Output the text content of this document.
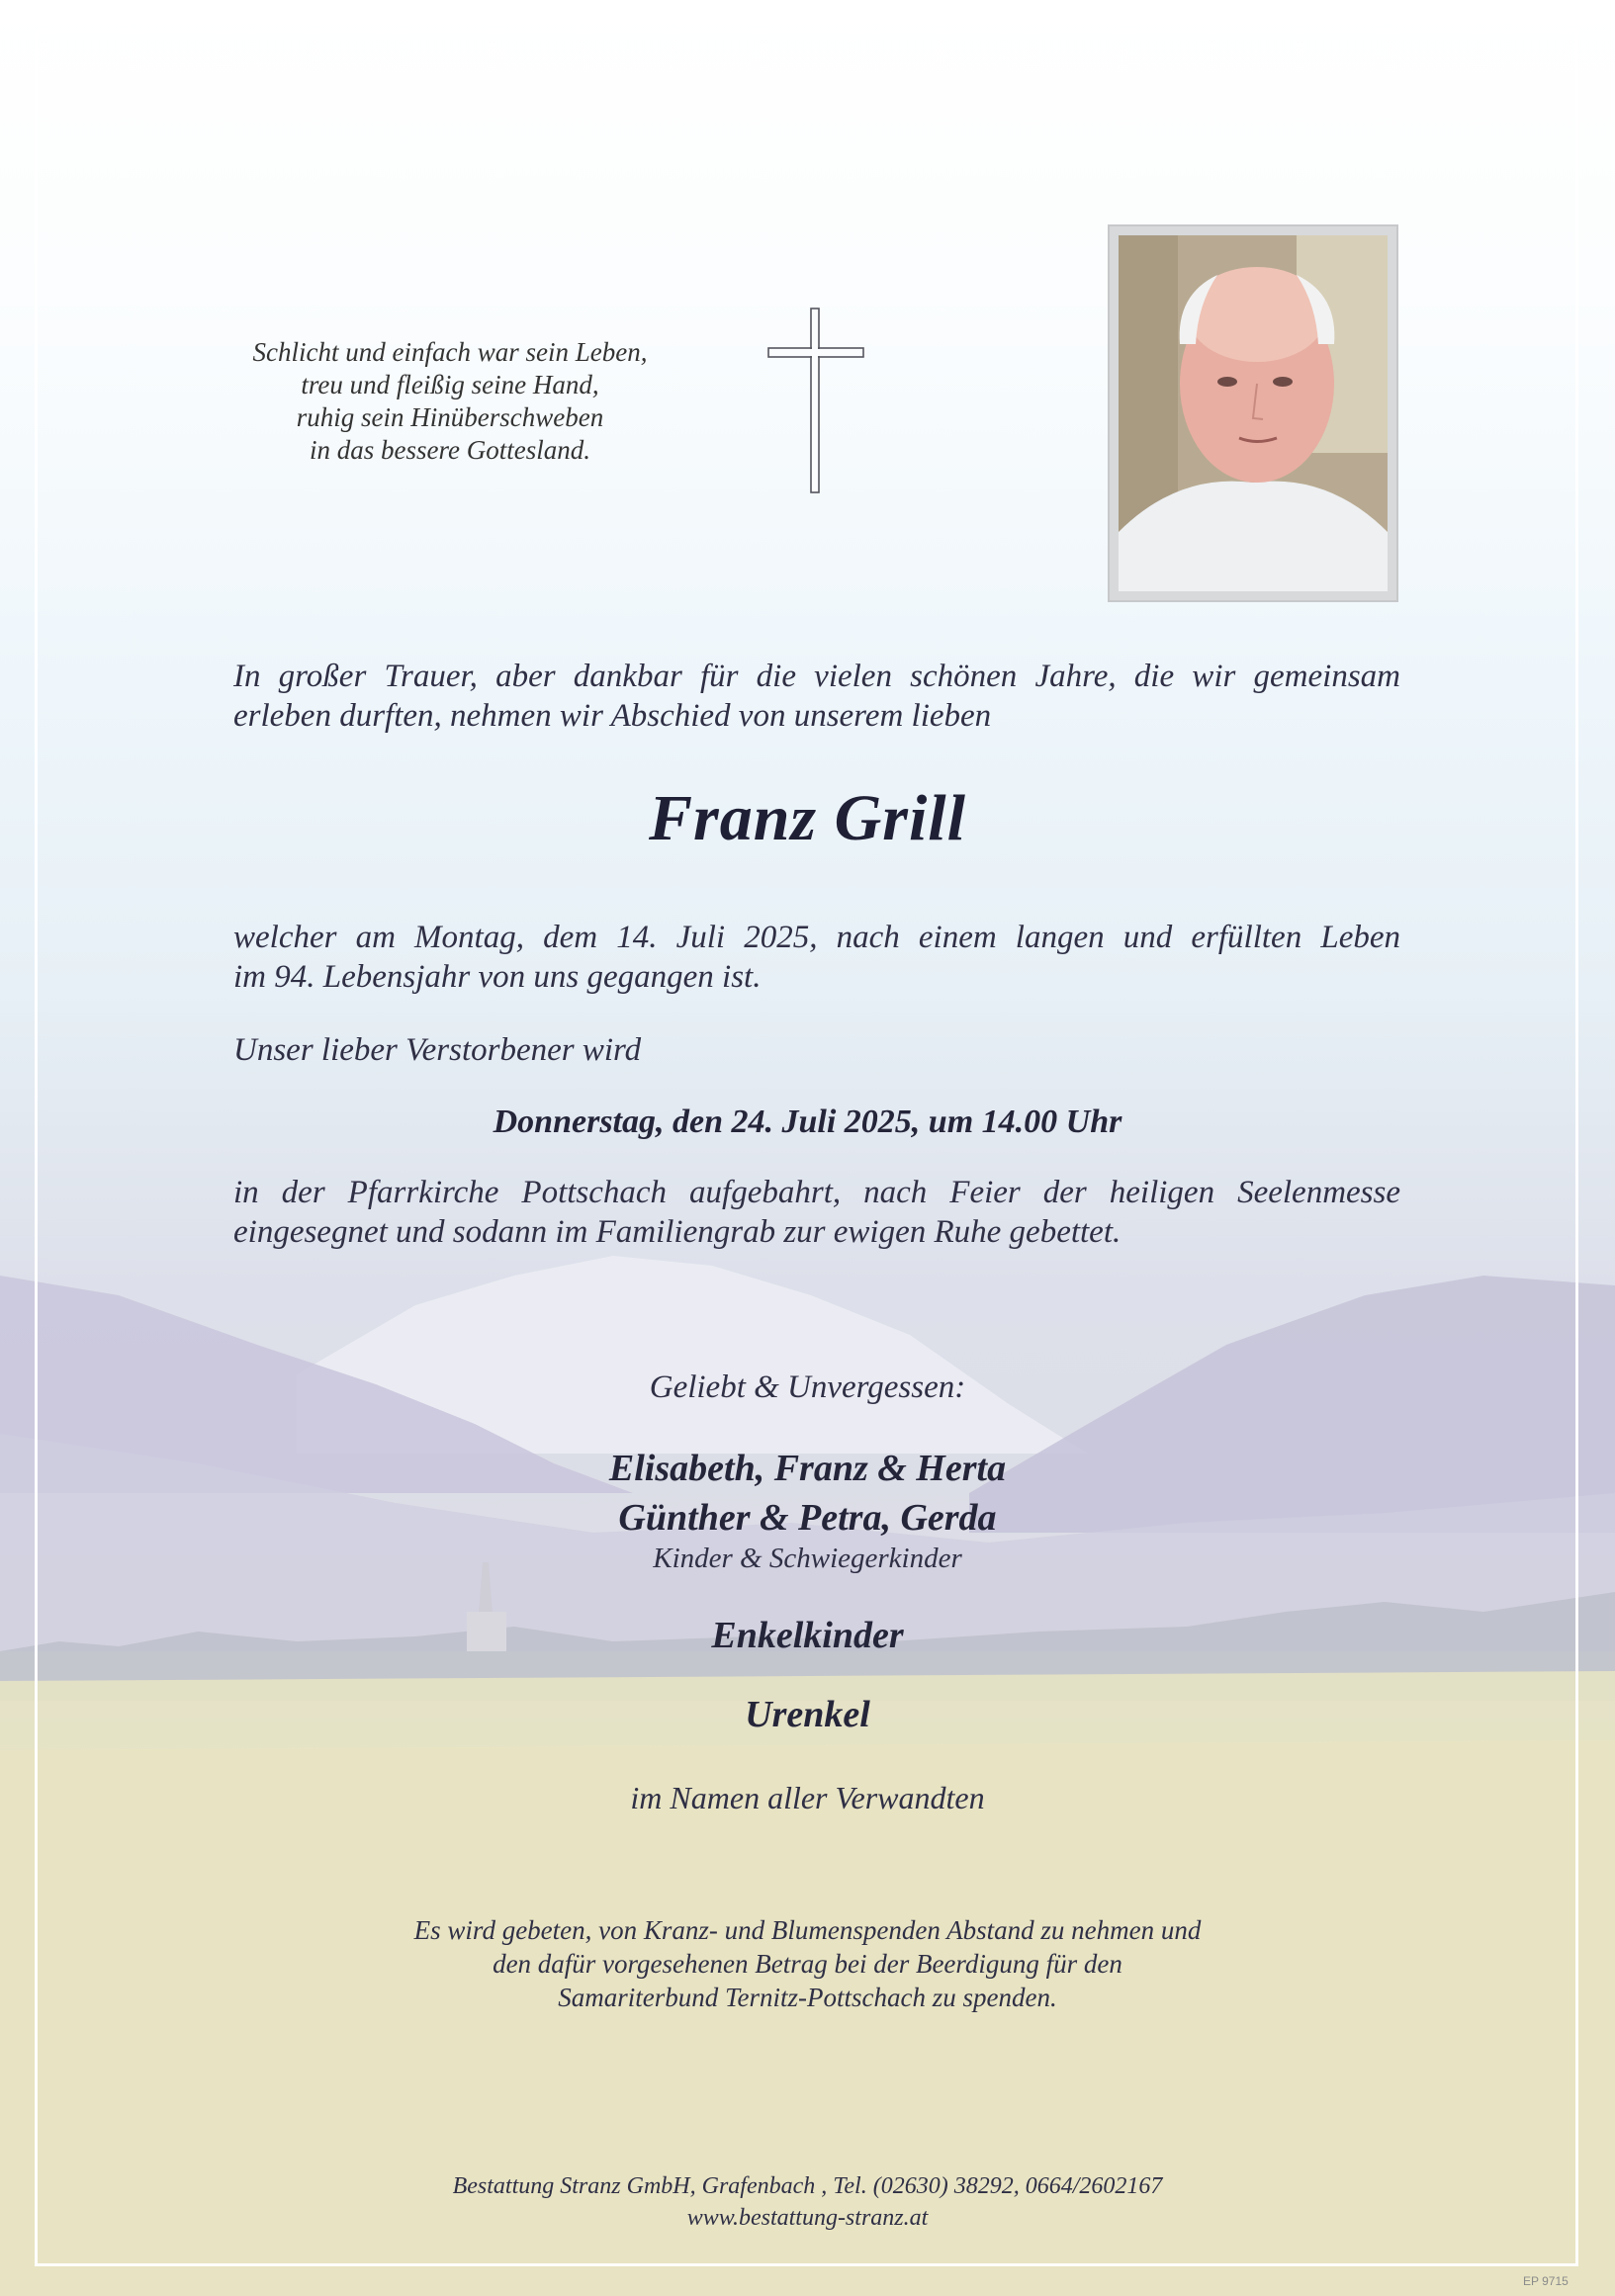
Schlicht und einfach war sein Leben,
treu und fleißig seine Hand,
ruhig sein Hinüberschweben
in das bessere Gottesland.
In großer Trauer, aber dankbar für die vielen schönen Jahre, die wir gemeinsam
erleben durften, nehmen wir Abschied von unserem lieben
Franz Grill
welcher am Montag, dem 14. Juli 2025, nach einem langen und erfüllten Leben
im 94. Lebensjahr von uns gegangen ist.
Unser lieber Verstorbener wird
Donnerstag, den 24. Juli 2025, um 14.00 Uhr
in der Pfarrkirche Pottschach aufgebahrt, nach Feier der heiligen Seelenmesse
eingesegnet und sodann im Familiengrab zur ewigen Ruhe gebettet.
Geliebt & Unvergessen:
Elisabeth, Franz & Herta
Günther & Petra, Gerda
Kinder & Schwiegerkinder
Enkelkinder
Urenkel
im Namen aller Verwandten
Es wird gebeten, von Kranz- und Blumenspenden Abstand zu nehmen und
den dafür vorgesehenen Betrag bei der Beerdigung für den
Samariterbund Ternitz-Pottschach zu spenden.
Bestattung Stranz GmbH, Grafenbach , Tel. (02630) 38292, 0664/2602167
www.bestattung-stranz.at
EP 9715
